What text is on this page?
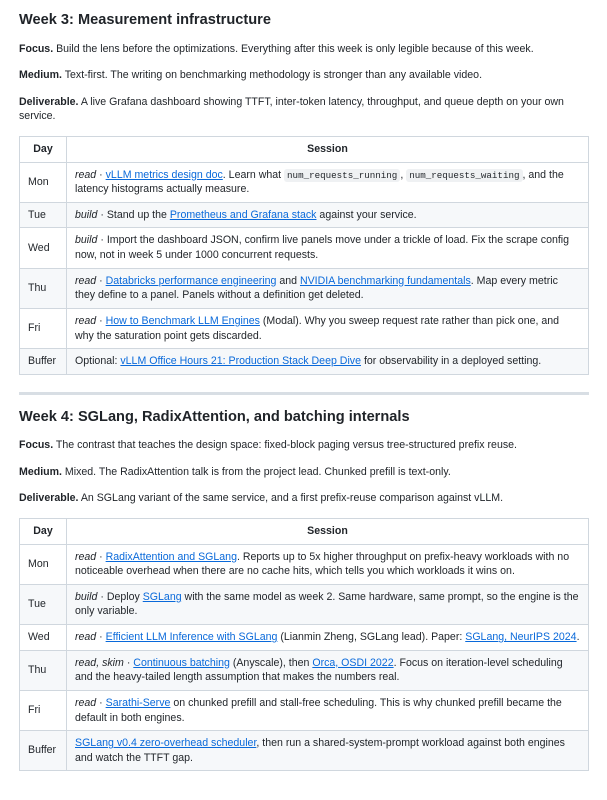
Week 3: Measurement infrastructure

Focus. Build the lens before the optimizations. Everything after this week is only legible because of this week.

Medium. Text-first. The writing on benchmarking methodology is stronger than any available video.

Deliverable. A live Grafana dashboard showing TTFT, inter-token latency, throughput, and queue depth on your own service.

Day	Session
Mon	read · vLLM metrics design doc. Learn what num_requests_running , num_requests_waiting , and the latency histograms actually measure.
Tue	build · Stand up the Prometheus and Grafana stack against your service.
Wed	build · Import the dashboard JSON, confirm live panels move under a trickle of load. Fix the scrape config now, not in week 5 under 1000 concurrent requests.
Thu	read · Databricks performance engineering and NVIDIA benchmarking fundamentals. Map every metric they define to a panel. Panels without a definition get deleted.
Fri	read · How to Benchmark LLM Engines (Modal). Why you sweep request rate rather than pick one, and why the saturation point gets discarded.
Buffer	Optional: vLLM Office Hours 21: Production Stack Deep Dive for observability in a deployed setting.
Week 4: SGLang, RadixAttention, and batching internals

Focus. The contrast that teaches the design space: fixed-block paging versus tree-structured prefix reuse.

Medium. Mixed. The RadixAttention talk is from the project lead. Chunked prefill is text-only.

Deliverable. An SGLang variant of the same service, and a first prefix-reuse comparison against vLLM.

Day	Session
Mon	read · RadixAttention and SGLang. Reports up to 5x higher throughput on prefix-heavy workloads with no noticeable overhead when there are no cache hits, which tells you which workloads it wins on.
Tue	build · Deploy SGLang with the same model as week 2. Same hardware, same prompt, so the engine is the only variable.
Wed	read · Efficient LLM Inference with SGLang (Lianmin Zheng, SGLang lead). Paper: SGLang, NeurIPS 2024.
Thu	read, skim · Continuous batching (Anyscale), then Orca, OSDI 2022. Focus on iteration-level scheduling and the heavy-tailed length assumption that makes the numbers real.
Fri	read · Sarathi-Serve on chunked prefill and stall-free scheduling. This is why chunked prefill became the default in both engines.
Buffer	SGLang v0.4 zero-overhead scheduler, then run a shared-system-prompt workload against both engines and watch the TTFT gap.
